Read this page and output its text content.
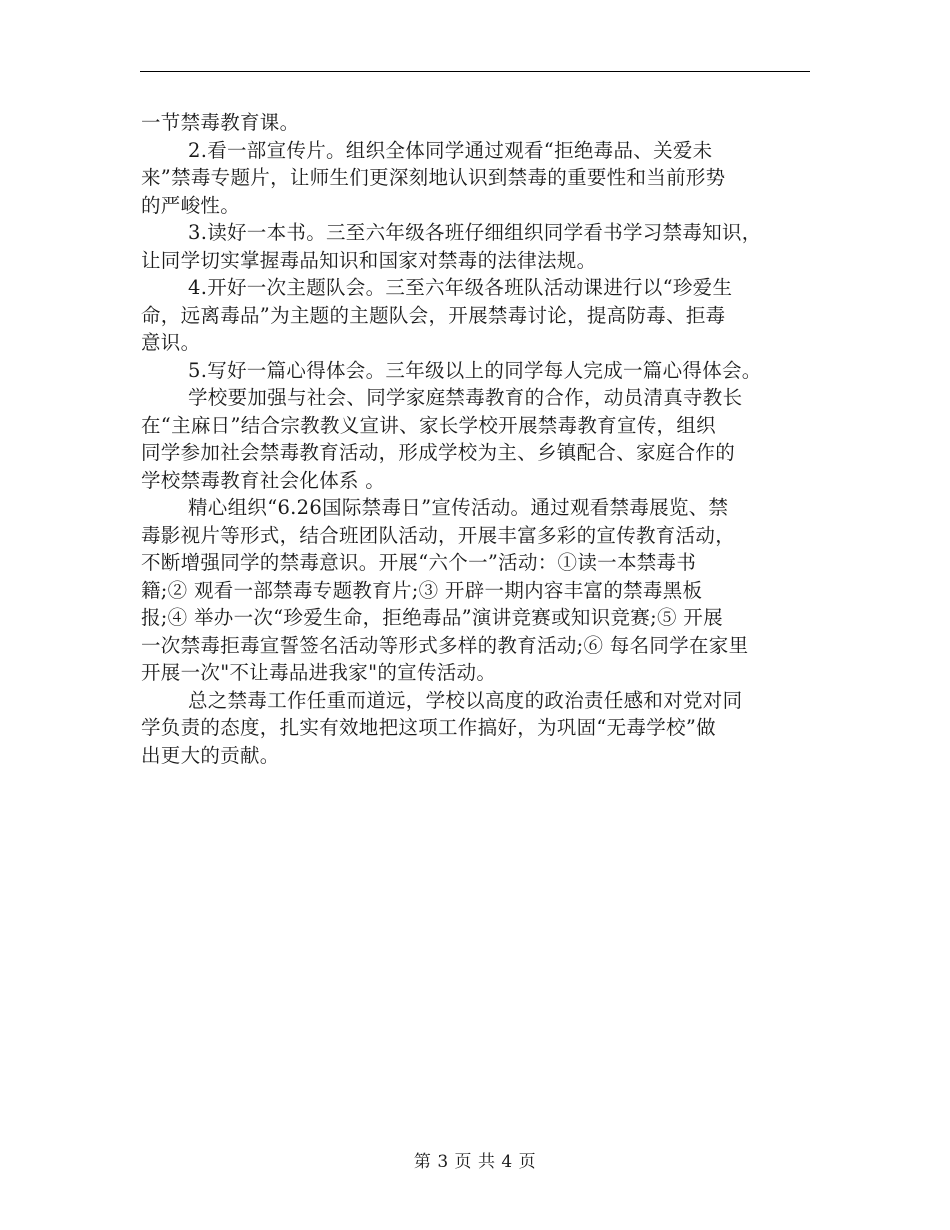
一节禁毒教育课。
2.看一部宣传片。组织全体同学通过观看“拒绝毒品、关爱未
来”禁毒专题片，让师生们更深刻地认识到禁毒的重要性和当前形势
的严峻性。
3.读好一本书。三至六年级各班仔细组织同学看书学习禁毒知识，
让同学切实掌握毒品知识和国家对禁毒的法律法规。
4.开好一次主题队会。三至六年级各班队活动课进行以“珍爱生
命，远离毒品”为主题的主题队会，开展禁毒讨论，提高防毒、拒毒
意识。
5.写好一篇心得体会。三年级以上的同学每人完成一篇心得体会。
学校要加强与社会、同学家庭禁毒教育的合作，动员清真寺教长
在“主麻日”结合宗教教义宣讲、家长学校开展禁毒教育宣传，组织
同学参加社会禁毒教育活动，形成学校为主、乡镇配合、家庭合作的
学校禁毒教育社会化体系 。
精心组织“6.26国际禁毒日”宣传活动。通过观看禁毒展览、禁
毒影视片等形式，结合班团队活动，开展丰富多彩的宣传教育活动，
不断增强同学的禁毒意识。开展“六个一”活动：①读一本禁毒书
籍;② 观看一部禁毒专题教育片;③ 开辟一期内容丰富的禁毒黑板
报;④ 举办一次“珍爱生命，拒绝毒品”演讲竞赛或知识竞赛;⑤ 开展
一次禁毒拒毒宣誓签名活动等形式多样的教育活动;⑥ 每名同学在家里
开展一次"不让毒品进我家"的宣传活动。
总之禁毒工作任重而道远，学校以高度的政治责任感和对党对同
学负责的态度，扎实有效地把这项工作搞好，为巩固“无毒学校”做
出更大的贡献。
第 3 页 共 4 页
